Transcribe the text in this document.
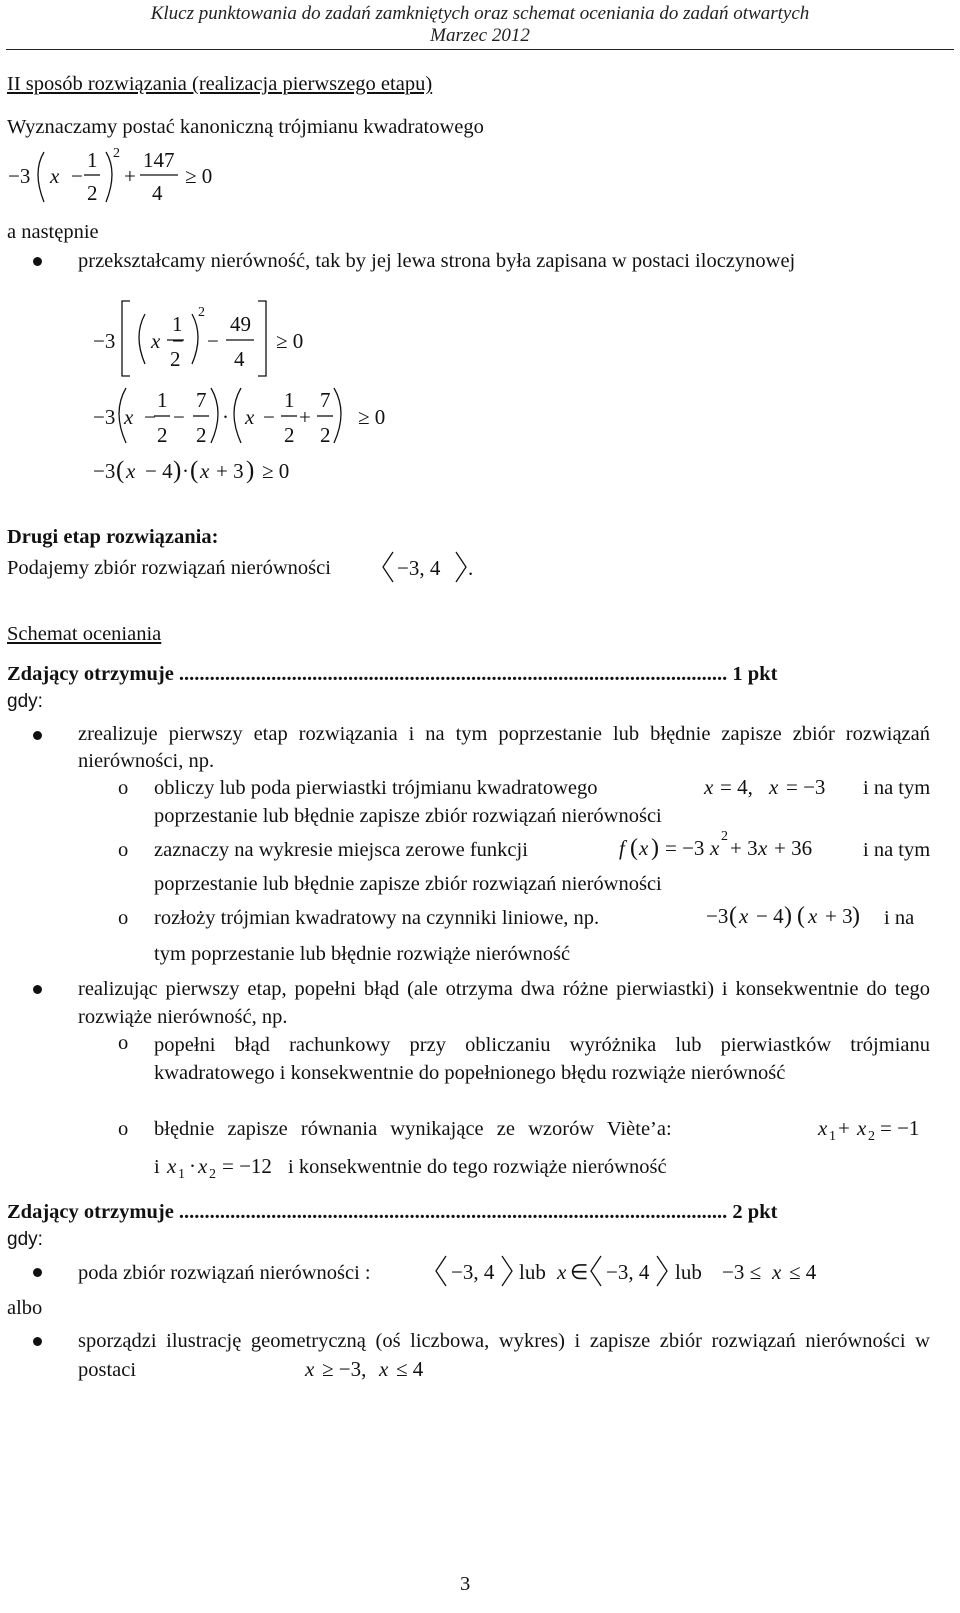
Klucz punktowania do zadań zamkniętych oraz schemat oceniania do zadań otwartych
Marzec 2012
II sposób rozwiązania (realizacja pierwszego etapu)
Wyznaczamy postać kanoniczną trójmianu kwadratowego
−3 x −
1
2
2
+
147
4
≥ 0
−3 x −
1
2
2
−
49
4
≥ 0
−3 x −
1
2
−
7
2
· x −
1
2
+
7
2
≥ 0
−3 ( x − 4 ) · ( x + 3 ) ≥ 0
−3, 4 .
x = 4, x = −3
f ( x ) = −3 x 2 + 3 x + 36
−3 ( x − 4 ) ( x + 3 )
x 1 + x 2 = −1
x 1 · x 2 = −12
−3, 4 lub x ∈ −3, 4 lub −3 ≤ x ≤ 4
x ≥ −3, x ≤ 4
a następnie
przekształcamy nierówność, tak by jej lewa strona była zapisana w postaci iloczynowej
Drugi etap rozwiązania:
Podajemy zbiór rozwiązań nierówności
Schemat oceniania
Zdający otrzymuje ........................................................................................................... 1 pkt
gdy:
zrealizuje pierwszy etap rozwiązania i na tym poprzestanie lub błędnie zapisze zbiór rozwiązań nierówności, np.
o obliczy lub poda pierwiastki trójmianu kwadratowego	i na tym
poprzestanie lub błędnie zapisze zbiór rozwiązań nierówności
o zaznaczy na wykresie miejsca zerowe funkcji	i na tym
poprzestanie lub błędnie zapisze zbiór rozwiązań nierówności
o rozłoży trójmian kwadratowy na czynniki liniowe, np.	i na
tym poprzestanie lub błędnie rozwiąże nierówność
realizując pierwszy etap, popełni błąd (ale otrzyma dwa różne pierwiastki) i konsekwentnie do tego rozwiąże nierówność, np.
o popełni błąd rachunkowy przy obliczaniu wyróżnika lub pierwiastków trójmianu kwadratowego i konsekwentnie do popełnionego błędu rozwiąże nierówność
o błędnie zapisze równania wynikające ze wzorów Viète’a:
i	i konsekwentnie do tego rozwiąże nierówność
Zdający otrzymuje ........................................................................................................... 2 pkt
gdy:
poda zbiór rozwiązań nierówności :
albo
sporządzi ilustrację geometryczną (oś liczbowa, wykres) i zapisze zbiór rozwiązań nierówności w postaci
3
